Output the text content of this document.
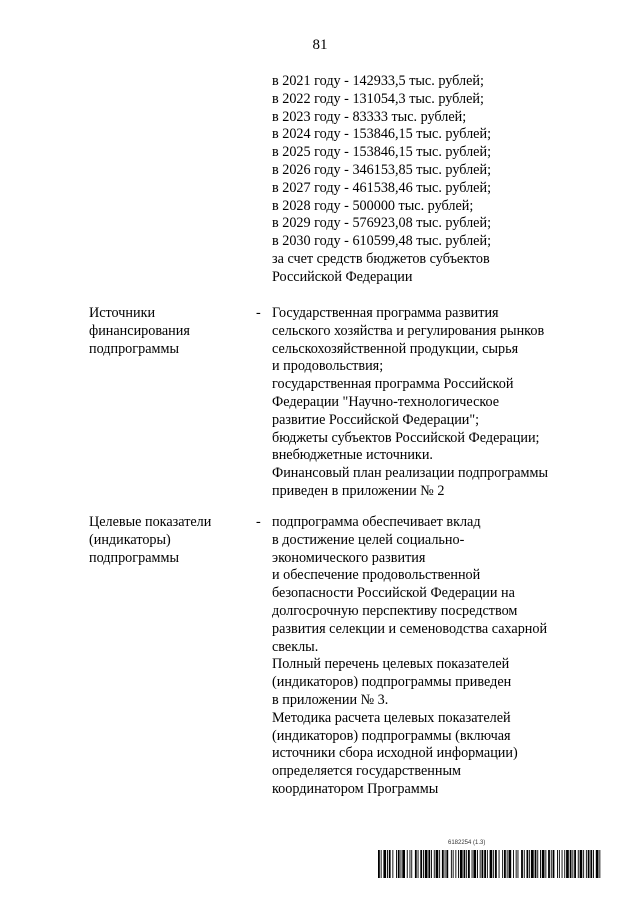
81
в 2021 году - 142933,5 тыс. рублей;
в 2022 году - 131054,3 тыс. рублей;
в 2023 году - 83333 тыс. рублей;
в 2024 году - 153846,15 тыс. рублей;
в 2025 году - 153846,15 тыс. рублей;
в 2026 году - 346153,85 тыс. рублей;
в 2027 году - 461538,46 тыс. рублей;
в 2028 году - 500000 тыс. рублей;
в 2029 году - 576923,08 тыс. рублей;
в 2030 году - 610599,48 тыс. рублей;
за счет средств бюджетов субъектов
Российской Федерации
Источники
финансирования
подпрограммы
- Государственная программа развития
сельского хозяйства и регулирования рынков
сельскохозяйственной продукции, сырья
и продовольствия;
государственная программа Российской
Федерации "Научно-технологическое
развитие Российской Федерации";
бюджеты субъектов Российской Федерации;
внебюджетные источники.
Финансовый план реализации подпрограммы
приведен в приложении № 2
Целевые показатели
(индикаторы)
подпрограммы
- подпрограмма обеспечивает вклад
в достижение целей социально-
экономического развития
и обеспечение продовольственной
безопасности Российской Федерации на
долгосрочную перспективу посредством
развития селекции и семеноводства сахарной
свеклы.
Полный перечень целевых показателей
(индикаторов) подпрограммы приведен
в приложении № 3.
Методика расчета целевых показателей
(индикаторов) подпрограммы (включая
источники сбора исходной информации)
определяется государственным
координатором Программы
6182254 (1.3)
